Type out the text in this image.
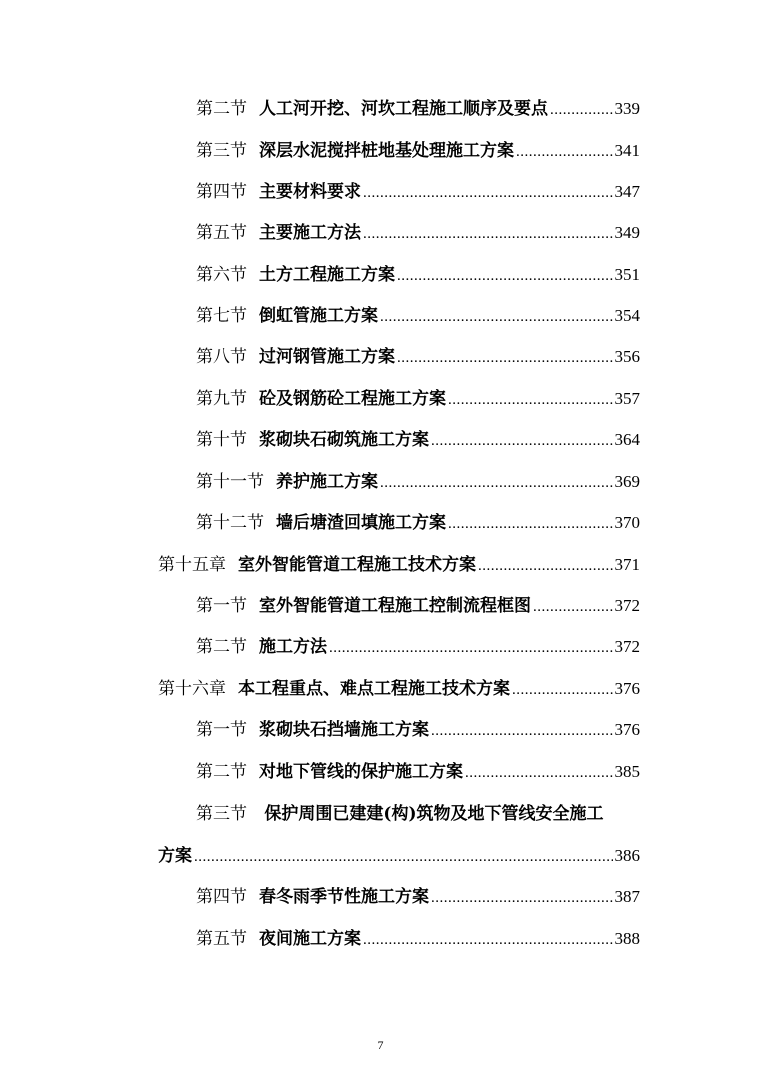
第二节 人工河开挖、河坎工程施工顺序及要点 .....	339
第三节 深层水泥搅拌桩地基处理施工方案 .....	341
第四节 主要材料要求 .....	347
第五节 主要施工方法 .....	349
第六节 土方工程施工方案 .....	351
第七节 倒虹管施工方案 .....	354
第八节 过河钢管施工方案 .....	356
第九节 砼及钢筋砼工程施工方案 .....	357
第十节 浆砌块石砌筑施工方案 .....	364
第十一节 养护施工方案 .....	369
第十二节 墙后塘渣回填施工方案 .....	370
第十五章 室外智能管道工程施工技术方案 .....	371
第一节 室外智能管道工程施工控制流程框图 .....	372
第二节 施工方法 .....	372
第十六章 本工程重点、难点工程施工技术方案 .....	376
第一节 浆砌块石挡墙施工方案 .....	376
第二节 对地下管线的保护施工方案 .....	385
第三节 保护周围已建建(构)筑物及地下管线安全施工
方案 .....	386
第四节 春冬雨季节性施工方案 .....	387
第五节 夜间施工方案 .....	388
7
